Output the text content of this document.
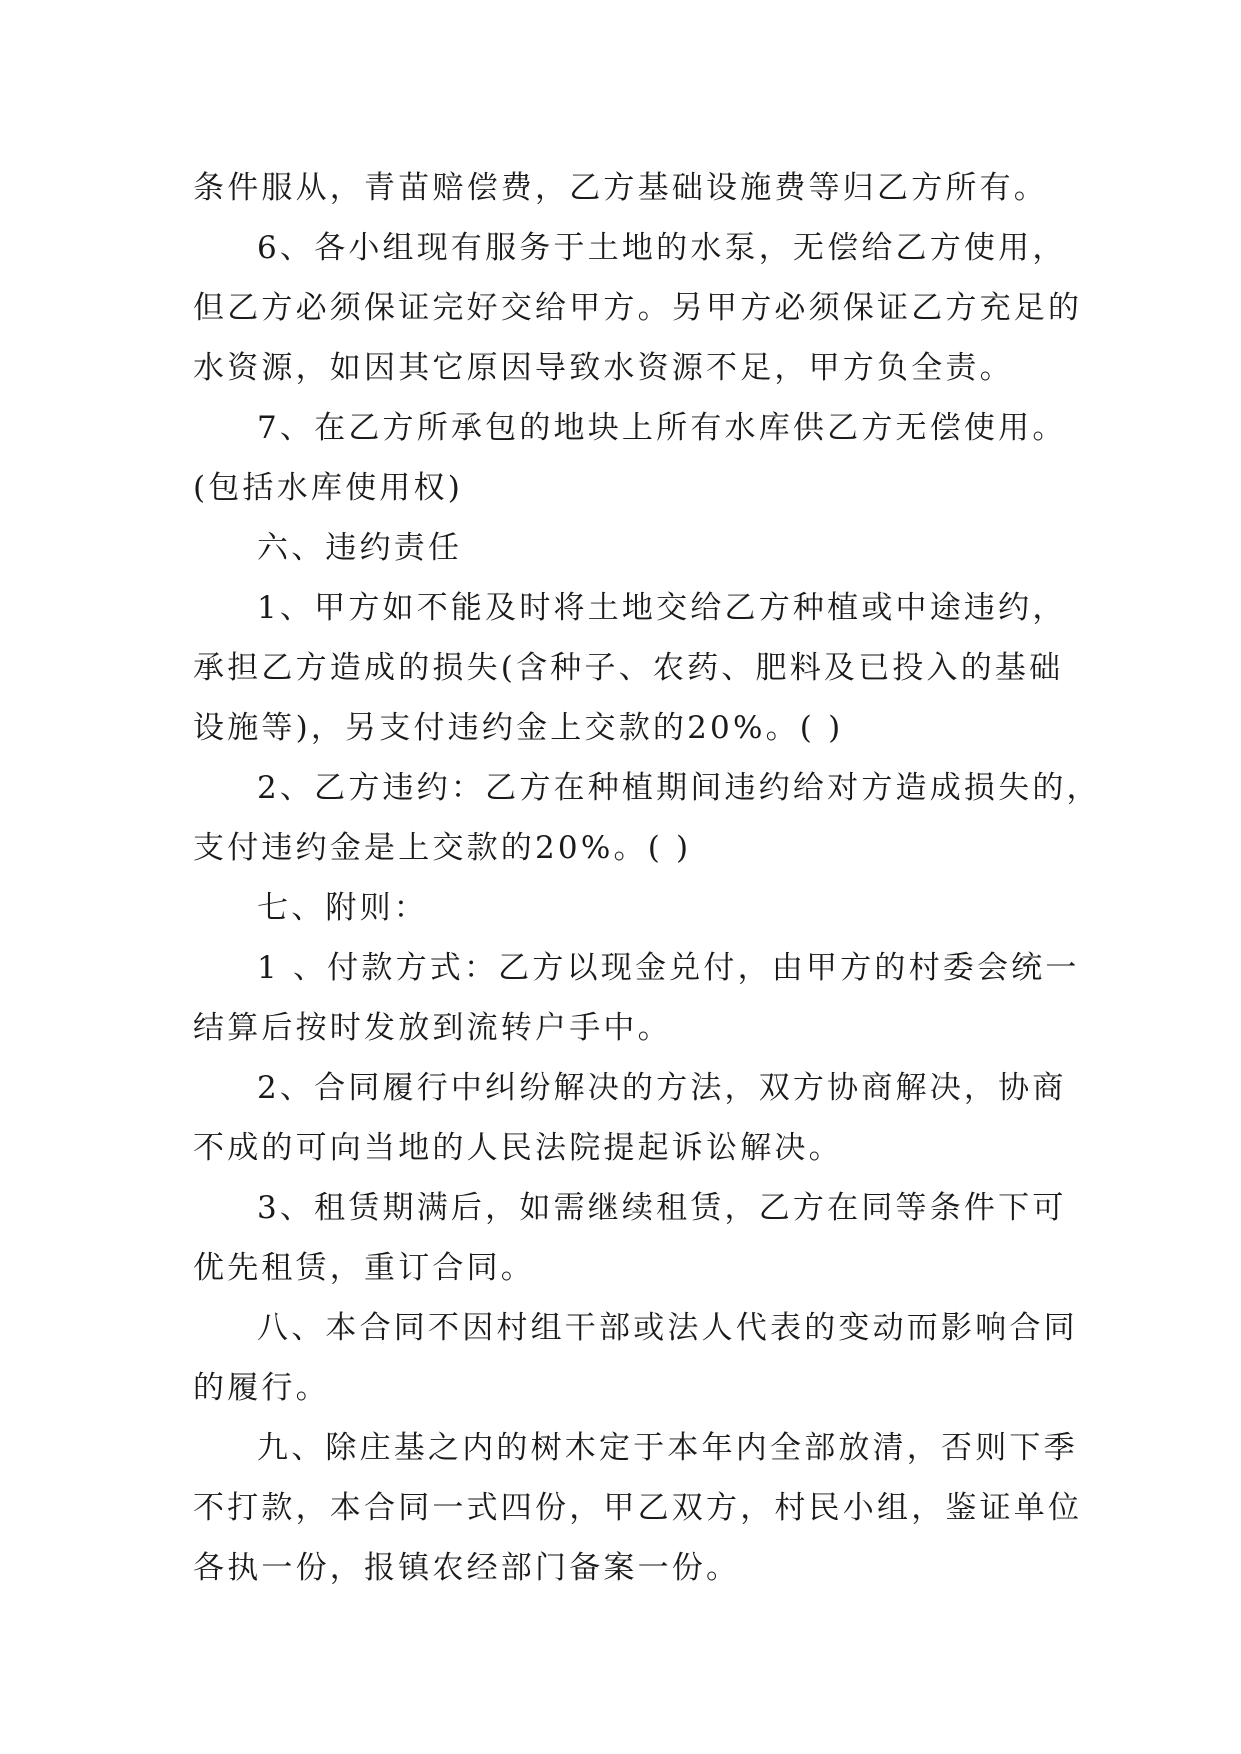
条件服从，青苗赔偿费，乙方基础设施费等归乙方所有。
6、各小组现有服务于土地的水泵，无偿给乙方使用，
但乙方必须保证完好交给甲方。另甲方必须保证乙方充足的
水资源，如因其它原因导致水资源不足，甲方负全责。
7、在乙方所承包的地块上所有水库供乙方无偿使用。
(包括水库使用权)
六、违约责任
1、甲方如不能及时将土地交给乙方种植或中途违约，
承担乙方造成的损失(含种子、农药、肥料及已投入的基础
设施等)，另支付违约金上交款的20%。( )
2、乙方违约：乙方在种植期间违约给对方造成损失的，
支付违约金是上交款的20%。( )
七、附则：
1 、付款方式：乙方以现金兑付，由甲方的村委会统一
结算后按时发放到流转户手中。
2、合同履行中纠纷解决的方法，双方协商解决，协商
不成的可向当地的人民法院提起诉讼解决。
3、租赁期满后，如需继续租赁，乙方在同等条件下可
优先租赁，重订合同。
八、本合同不因村组干部或法人代表的变动而影响合同
的履行。
九、除庄基之内的树木定于本年内全部放清，否则下季
不打款，本合同一式四份，甲乙双方，村民小组，鉴证单位
各执一份，报镇农经部门备案一份。
